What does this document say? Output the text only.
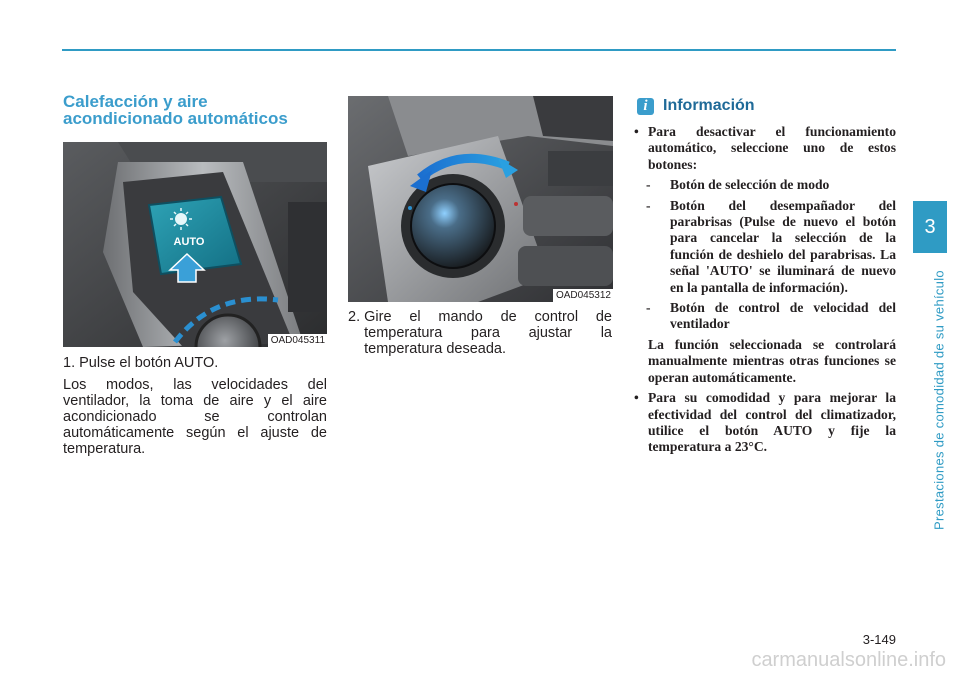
Calefacción y aire
acondicionado automáticos
AUTO
OAD045311
OAD045312

1.
Pulse el botón AUTO.

Los modos, las velocidades del ventilador, la toma de aire y el aire acondicionado se controlan automáticamente según el ajuste de temperatura.

2.
Gire el mando de control de temperatura para ajustar la temperatura deseada.
i Información
• Para desactivar el funcionamiento automático, seleccione uno de estos botones:
- Botón de selección de modo
- Botón del desempañador del parabrisas (Pulse de nuevo el botón para cancelar la selección de la función de deshielo del parabrisas. La señal 'AUTO' se iluminará de nuevo en la pantalla de información).
- Botón de control de velocidad del ventilador
La función seleccionada se controlará manualmente mientras otras funciones se operan automáticamente.
• Para su comodidad y para mejorar la efectividad del control del climatizador, utilice el botón AUTO y fije la temperatura a 23°C.
3
Prestaciones de comodidad de su vehículo
3-149
carmanualsonline.info
